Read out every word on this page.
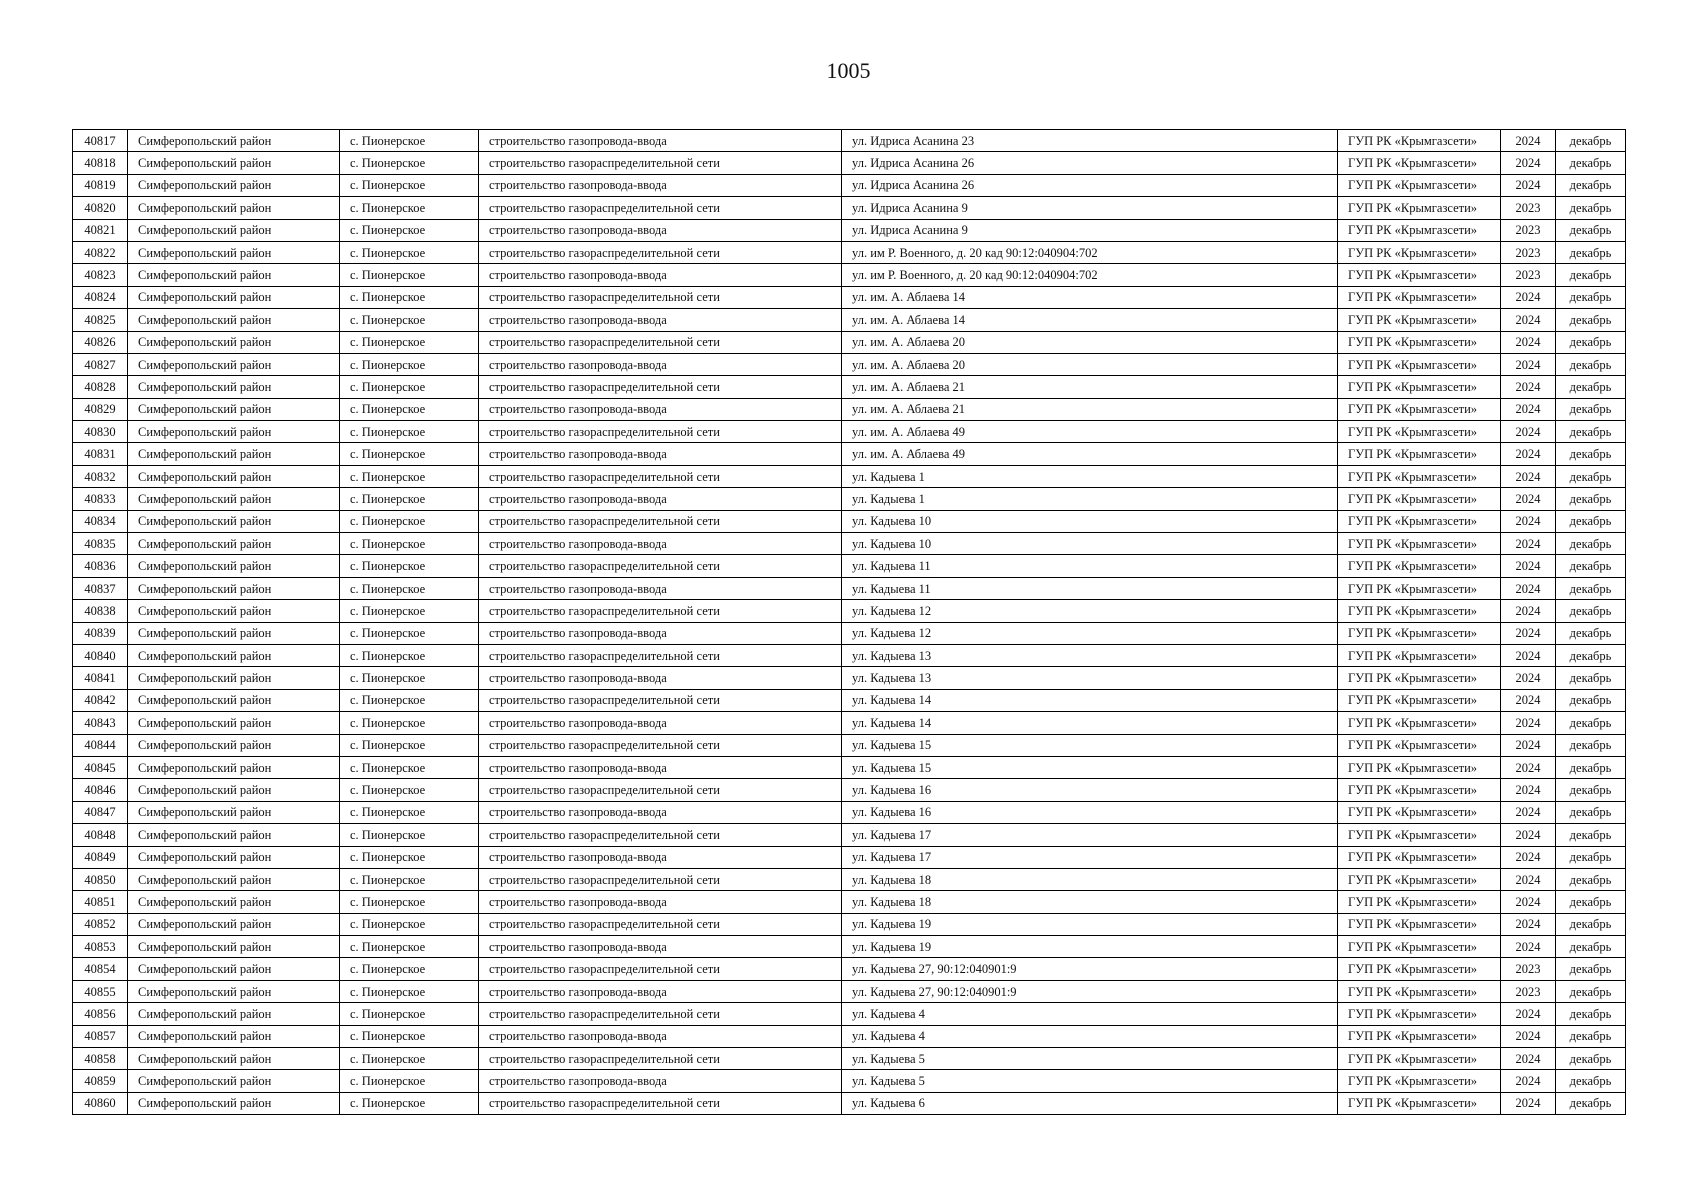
1005
40817	Симферопольский район	с. Пионерское	строительство газопровода-ввода	ул. Идриса Асанина 23	ГУП РК «Крымгазсети»	2024	декабрь
40818	Симферопольский район	с. Пионерское	строительство газораспределительной сети	ул. Идриса Асанина 26	ГУП РК «Крымгазсети»	2024	декабрь
40819	Симферопольский район	с. Пионерское	строительство газопровода-ввода	ул. Идриса Асанина 26	ГУП РК «Крымгазсети»	2024	декабрь
40820	Симферопольский район	с. Пионерское	строительство газораспределительной сети	ул. Идриса Асанина 9	ГУП РК «Крымгазсети»	2023	декабрь
40821	Симферопольский район	с. Пионерское	строительство газопровода-ввода	ул. Идриса Асанина 9	ГУП РК «Крымгазсети»	2023	декабрь
40822	Симферопольский район	с. Пионерское	строительство газораспределительной сети	ул. им Р. Военного, д. 20 кад 90:12:040904:702	ГУП РК «Крымгазсети»	2023	декабрь
40823	Симферопольский район	с. Пионерское	строительство газопровода-ввода	ул. им Р. Военного, д. 20 кад 90:12:040904:702	ГУП РК «Крымгазсети»	2023	декабрь
40824	Симферопольский район	с. Пионерское	строительство газораспределительной сети	ул. им. А. Аблаева 14	ГУП РК «Крымгазсети»	2024	декабрь
40825	Симферопольский район	с. Пионерское	строительство газопровода-ввода	ул. им. А. Аблаева 14	ГУП РК «Крымгазсети»	2024	декабрь
40826	Симферопольский район	с. Пионерское	строительство газораспределительной сети	ул. им. А. Аблаева 20	ГУП РК «Крымгазсети»	2024	декабрь
40827	Симферопольский район	с. Пионерское	строительство газопровода-ввода	ул. им. А. Аблаева 20	ГУП РК «Крымгазсети»	2024	декабрь
40828	Симферопольский район	с. Пионерское	строительство газораспределительной сети	ул. им. А. Аблаева 21	ГУП РК «Крымгазсети»	2024	декабрь
40829	Симферопольский район	с. Пионерское	строительство газопровода-ввода	ул. им. А. Аблаева 21	ГУП РК «Крымгазсети»	2024	декабрь
40830	Симферопольский район	с. Пионерское	строительство газораспределительной сети	ул. им. А. Аблаева 49	ГУП РК «Крымгазсети»	2024	декабрь
40831	Симферопольский район	с. Пионерское	строительство газопровода-ввода	ул. им. А. Аблаева 49	ГУП РК «Крымгазсети»	2024	декабрь
40832	Симферопольский район	с. Пионерское	строительство газораспределительной сети	ул. Кадыева 1	ГУП РК «Крымгазсети»	2024	декабрь
40833	Симферопольский район	с. Пионерское	строительство газопровода-ввода	ул. Кадыева 1	ГУП РК «Крымгазсети»	2024	декабрь
40834	Симферопольский район	с. Пионерское	строительство газораспределительной сети	ул. Кадыева 10	ГУП РК «Крымгазсети»	2024	декабрь
40835	Симферопольский район	с. Пионерское	строительство газопровода-ввода	ул. Кадыева 10	ГУП РК «Крымгазсети»	2024	декабрь
40836	Симферопольский район	с. Пионерское	строительство газораспределительной сети	ул. Кадыева 11	ГУП РК «Крымгазсети»	2024	декабрь
40837	Симферопольский район	с. Пионерское	строительство газопровода-ввода	ул. Кадыева 11	ГУП РК «Крымгазсети»	2024	декабрь
40838	Симферопольский район	с. Пионерское	строительство газораспределительной сети	ул. Кадыева 12	ГУП РК «Крымгазсети»	2024	декабрь
40839	Симферопольский район	с. Пионерское	строительство газопровода-ввода	ул. Кадыева 12	ГУП РК «Крымгазсети»	2024	декабрь
40840	Симферопольский район	с. Пионерское	строительство газораспределительной сети	ул. Кадыева 13	ГУП РК «Крымгазсети»	2024	декабрь
40841	Симферопольский район	с. Пионерское	строительство газопровода-ввода	ул. Кадыева 13	ГУП РК «Крымгазсети»	2024	декабрь
40842	Симферопольский район	с. Пионерское	строительство газораспределительной сети	ул. Кадыева 14	ГУП РК «Крымгазсети»	2024	декабрь
40843	Симферопольский район	с. Пионерское	строительство газопровода-ввода	ул. Кадыева 14	ГУП РК «Крымгазсети»	2024	декабрь
40844	Симферопольский район	с. Пионерское	строительство газораспределительной сети	ул. Кадыева 15	ГУП РК «Крымгазсети»	2024	декабрь
40845	Симферопольский район	с. Пионерское	строительство газопровода-ввода	ул. Кадыева 15	ГУП РК «Крымгазсети»	2024	декабрь
40846	Симферопольский район	с. Пионерское	строительство газораспределительной сети	ул. Кадыева 16	ГУП РК «Крымгазсети»	2024	декабрь
40847	Симферопольский район	с. Пионерское	строительство газопровода-ввода	ул. Кадыева 16	ГУП РК «Крымгазсети»	2024	декабрь
40848	Симферопольский район	с. Пионерское	строительство газораспределительной сети	ул. Кадыева 17	ГУП РК «Крымгазсети»	2024	декабрь
40849	Симферопольский район	с. Пионерское	строительство газопровода-ввода	ул. Кадыева 17	ГУП РК «Крымгазсети»	2024	декабрь
40850	Симферопольский район	с. Пионерское	строительство газораспределительной сети	ул. Кадыева 18	ГУП РК «Крымгазсети»	2024	декабрь
40851	Симферопольский район	с. Пионерское	строительство газопровода-ввода	ул. Кадыева 18	ГУП РК «Крымгазсети»	2024	декабрь
40852	Симферопольский район	с. Пионерское	строительство газораспределительной сети	ул. Кадыева 19	ГУП РК «Крымгазсети»	2024	декабрь
40853	Симферопольский район	с. Пионерское	строительство газопровода-ввода	ул. Кадыева 19	ГУП РК «Крымгазсети»	2024	декабрь
40854	Симферопольский район	с. Пионерское	строительство газораспределительной сети	ул. Кадыева 27, 90:12:040901:9	ГУП РК «Крымгазсети»	2023	декабрь
40855	Симферопольский район	с. Пионерское	строительство газопровода-ввода	ул. Кадыева 27, 90:12:040901:9	ГУП РК «Крымгазсети»	2023	декабрь
40856	Симферопольский район	с. Пионерское	строительство газораспределительной сети	ул. Кадыева 4	ГУП РК «Крымгазсети»	2024	декабрь
40857	Симферопольский район	с. Пионерское	строительство газопровода-ввода	ул. Кадыева 4	ГУП РК «Крымгазсети»	2024	декабрь
40858	Симферопольский район	с. Пионерское	строительство газораспределительной сети	ул. Кадыева 5	ГУП РК «Крымгазсети»	2024	декабрь
40859	Симферопольский район	с. Пионерское	строительство газопровода-ввода	ул. Кадыева 5	ГУП РК «Крымгазсети»	2024	декабрь
40860	Симферопольский район	с. Пионерское	строительство газораспределительной сети	ул. Кадыева 6	ГУП РК «Крымгазсети»	2024	декабрь
